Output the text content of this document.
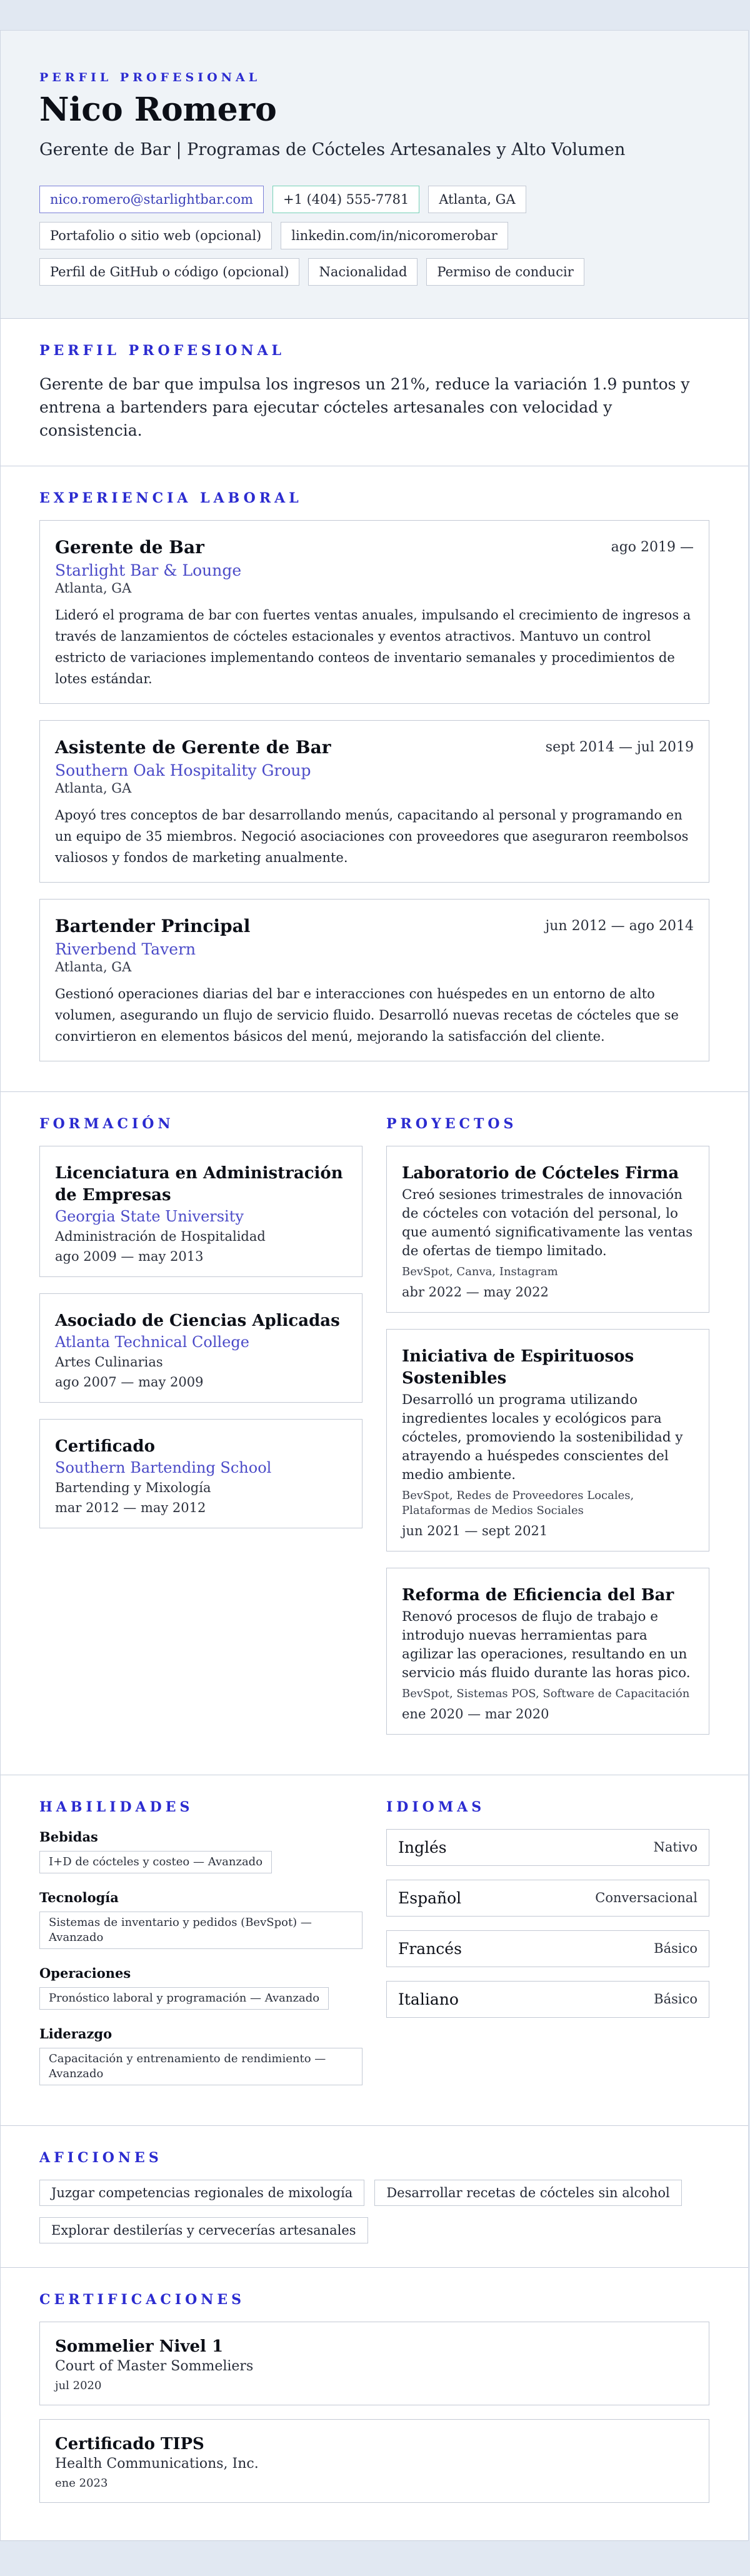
PERFIL PROFESIONAL
Nico Romero
Gerente de Bar | Programas de Cócteles Artesanales y Alto Volumen
nico.romero@starlightbar.com	+1 (404) 555-7781	Atlanta, GA
Portafolio o sitio web (opcional)	linkedin.com/in/nicoromerobar
Perfil de GitHub o código (opcional)	Nacionalidad	Permiso de conducir
PERFIL PROFESIONAL

Gerente de bar que impulsa los ingresos un 21%, reduce la variación 1.9 puntos y entrena a bartenders para ejecutar cócteles artesanales con velocidad y consistencia.

EXPERIENCIA LABORAL
Gerente de Bar	ago 2019 —
Starlight Bar & Lounge
Atlanta, GA

Lideró el programa de bar con fuertes ventas anuales, impulsando el crecimiento de ingresos a través de lanzamientos de cócteles estacionales y eventos atractivos. Mantuvo un control estricto de variaciones implementando conteos de inventario semanales y procedimientos de lotes estándar.

Asistente de Gerente de Bar	sept 2014 — jul 2019
Southern Oak Hospitality Group
Atlanta, GA

Apoyó tres conceptos de bar desarrollando menús, capacitando al personal y programando en un equipo de 35 miembros. Negoció asociaciones con proveedores que aseguraron reembolsos valiosos y fondos de marketing anualmente.

Bartender Principal	jun 2012 — ago 2014
Riverbend Tavern
Atlanta, GA

Gestionó operaciones diarias del bar e interacciones con huéspedes en un entorno de alto volumen, asegurando un flujo de servicio fluido. Desarrolló nuevas recetas de cócteles que se convirtieron en elementos básicos del menú, mejorando la satisfacción del cliente.

FORMACIÓN
Licenciatura en Administración de Empresas
Georgia State University
Administración de Hospitalidad
ago 2009 — may 2013
Asociado de Ciencias Aplicadas
Atlanta Technical College
Artes Culinarias
ago 2007 — may 2009
Certificado
Southern Bartending School
Bartending y Mixología
mar 2012 — may 2012
PROYECTOS
Laboratorio de Cócteles Firma

Creó sesiones trimestrales de innovación de cócteles con votación del personal, lo que aumentó significativamente las ventas de ofertas de tiempo limitado.

BevSpot, Canva, Instagram
abr 2022 — may 2022
Iniciativa de Espirituosos Sostenibles

Desarrolló un programa utilizando ingredientes locales y ecológicos para cócteles, promoviendo la sostenibilidad y atrayendo a huéspedes conscientes del medio ambiente.

BevSpot, Redes de Proveedores Locales, Plataformas de Medios Sociales
jun 2021 — sept 2021
Reforma de Eficiencia del Bar

Renovó procesos de flujo de trabajo e introdujo nuevas herramientas para agilizar las operaciones, resultando en un servicio más fluido durante las horas pico.

BevSpot, Sistemas POS, Software de Capacitación
ene 2020 — mar 2020
HABILIDADES
Bebidas
I+D de cócteles y costeo — Avanzado
Tecnología
Sistemas de inventario y pedidos (BevSpot) — Avanzado
Operaciones
Pronóstico laboral y programación — Avanzado
Liderazgo
Capacitación y entrenamiento de rendimiento — Avanzado
IDIOMAS
Inglés	Nativo
Español	Conversacional
Francés	Básico
Italiano	Básico
AFICIONES
Juzgar competencias regionales de mixología	Desarrollar recetas de cócteles sin alcohol
Explorar destilerías y cervecerías artesanales
CERTIFICACIONES
Sommelier Nivel 1
Court of Master Sommeliers
jul 2020
Certificado TIPS
Health Communications, Inc.
ene 2023
